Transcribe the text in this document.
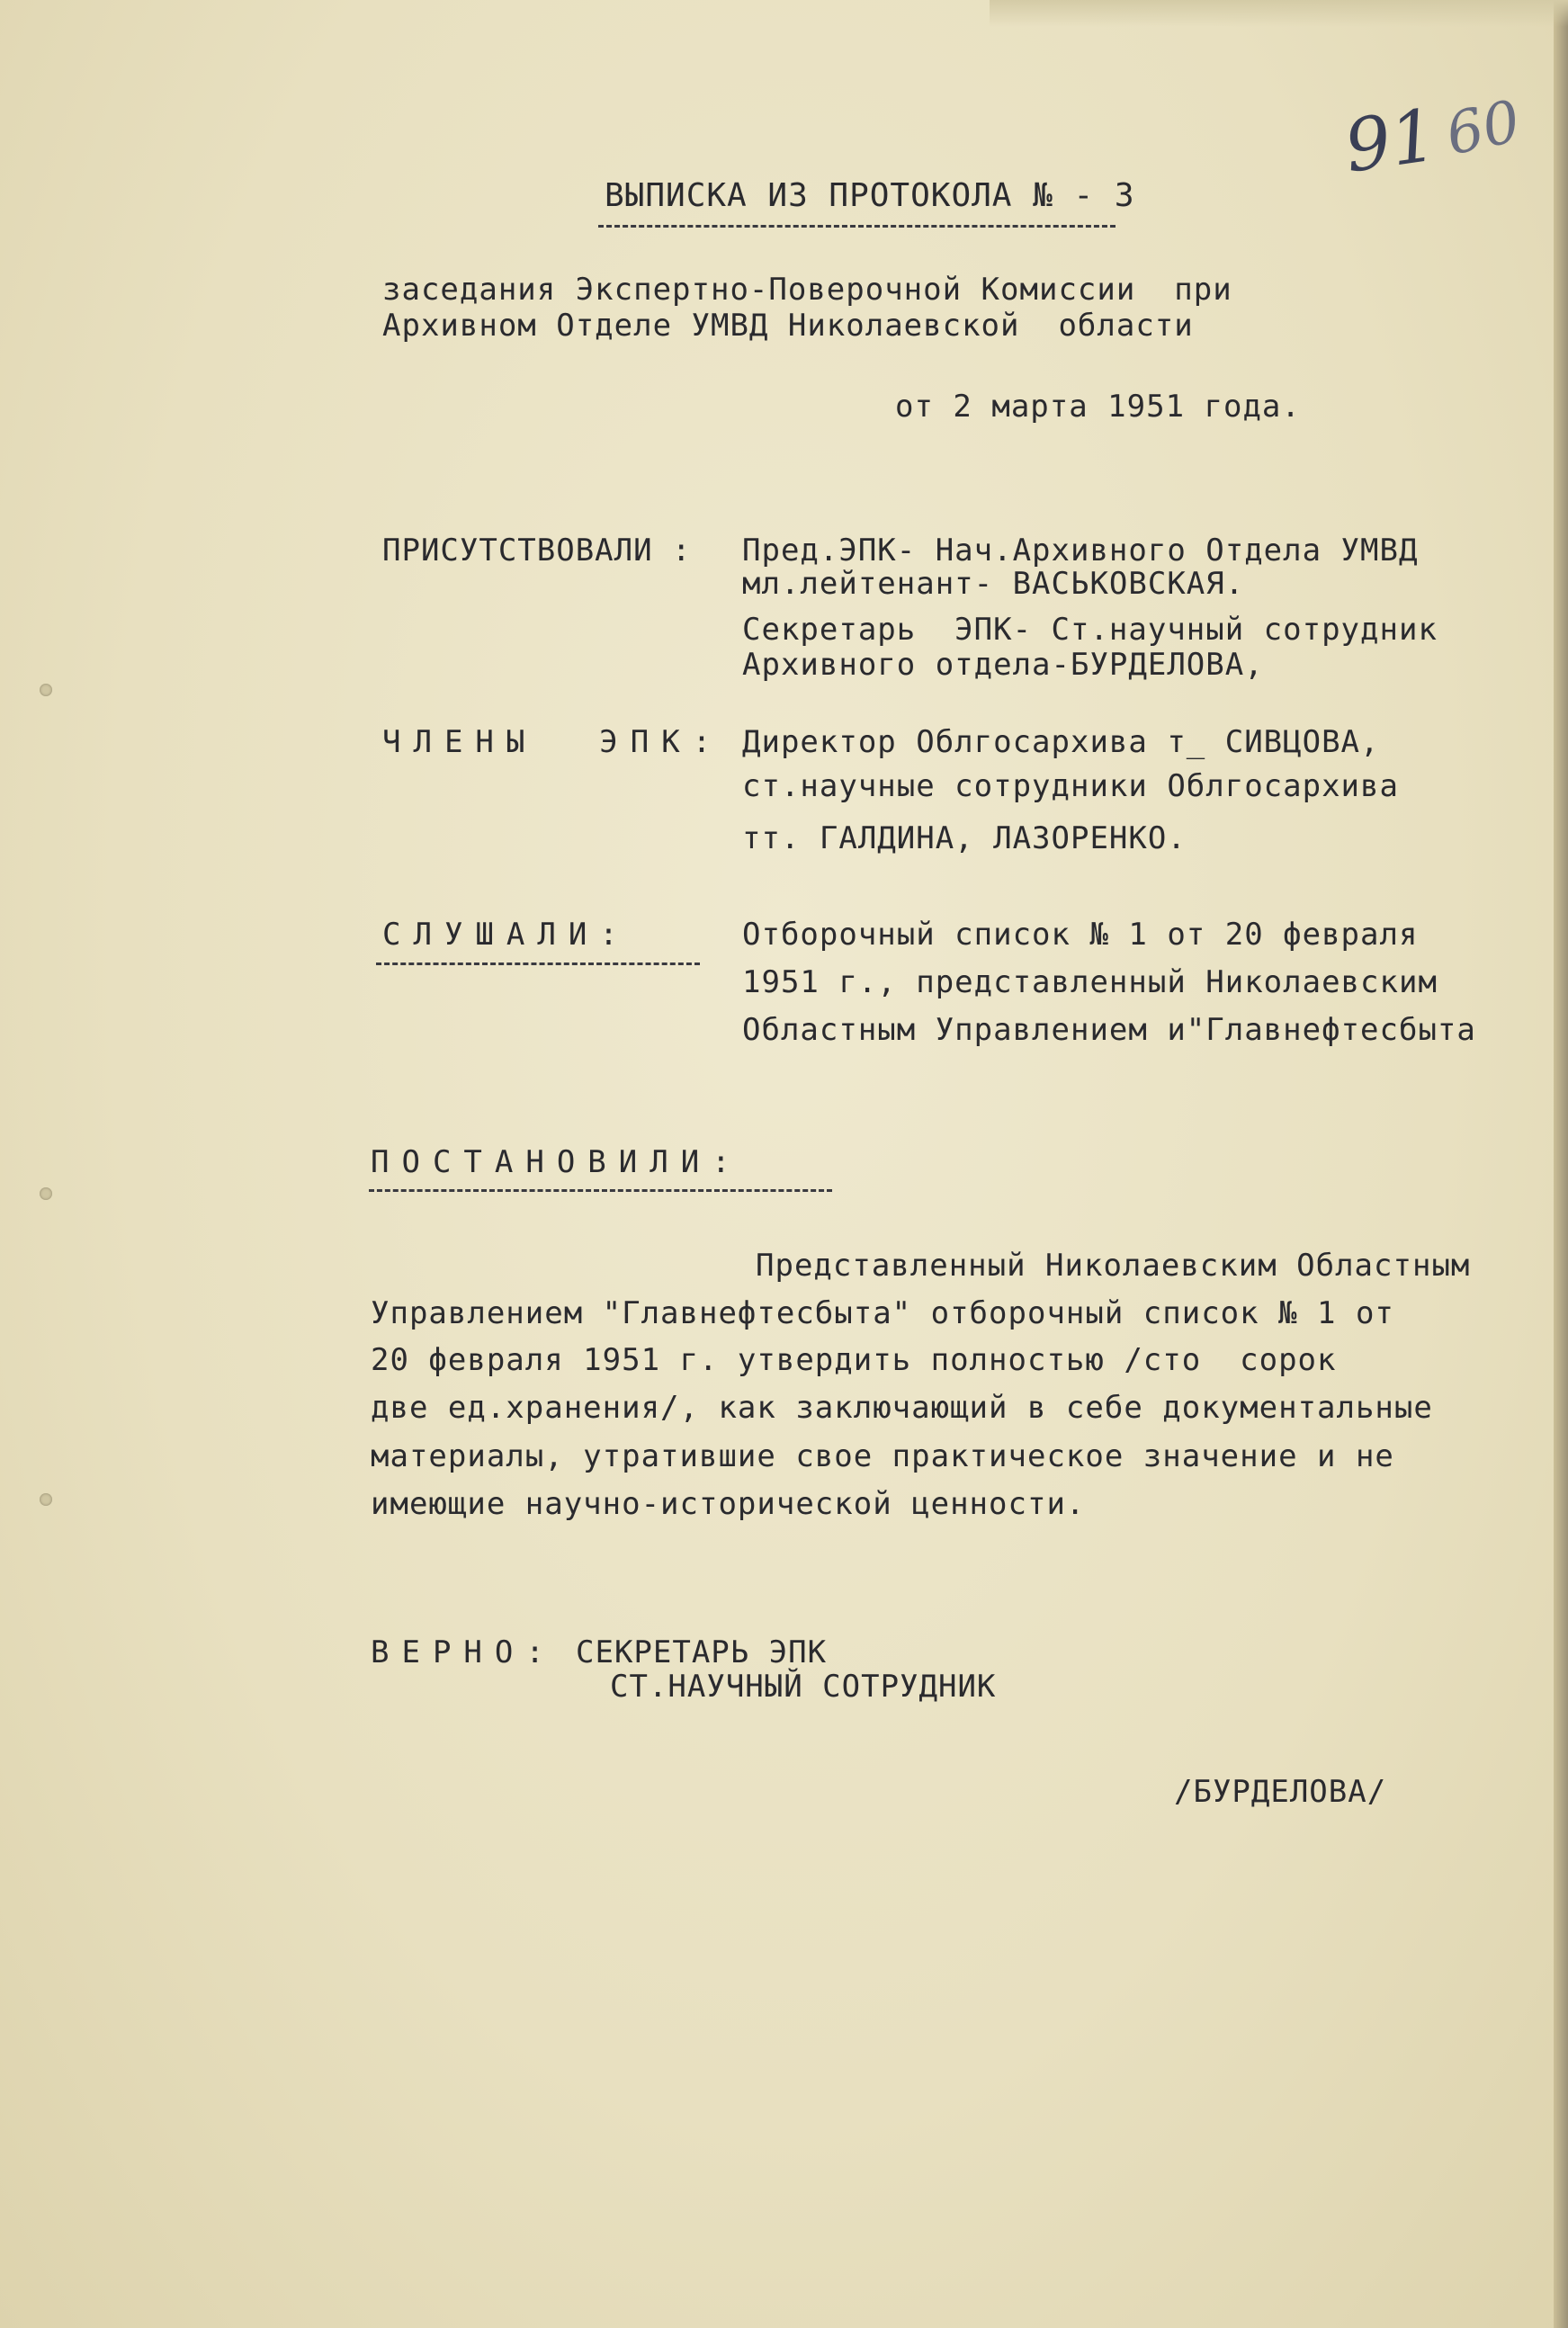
91
60
ВЫПИСКА ИЗ ПРОТОКОЛА № - 3
заседания Экспертно-Поверочной Комиссии  при
Архивном Отделе УМВД Николаевской  области
от 2 марта 1951 года.
ПРИСУТСТВОВАЛИ : Пред.ЭПК- Нач.Архивного Отдела УМВД
мл.лейтенант- ВАСЬКОВСКАЯ.
Секретарь  ЭПК- Ст.научный сотрудник
Архивного отдела-БУРДЕЛОВА,
ЧЛЕНЫ  ЭПК: Директор Облгосархива т_ СИВЦОВА,
ст.научные сотрудники Облгосархива
тт. ГАЛДИНА, ЛАЗОРЕНКО.
СЛУШАЛИ:	Отборочный список № 1 от 20 февраля
1951 г., представленный Николаевским
Областным Управлением и"Главнефтесбыта
ПОСТАНОВИЛИ:
Представленный Николаевским Областным
Управлением "Главнефтесбыта" отборочный список № 1 от
20 февраля 1951 г. утвердить полностью /сто  сорок
две ед.хранения/, как заключающий в себе документальные
материалы, утратившие свое практическое значение и не
имеющие научно-исторической ценности.
ВЕРНО: СЕКРЕТАРЬ ЭПК
СТ.НАУЧНЫЙ СОТРУДНИК
/БУРДЕЛОВА/
